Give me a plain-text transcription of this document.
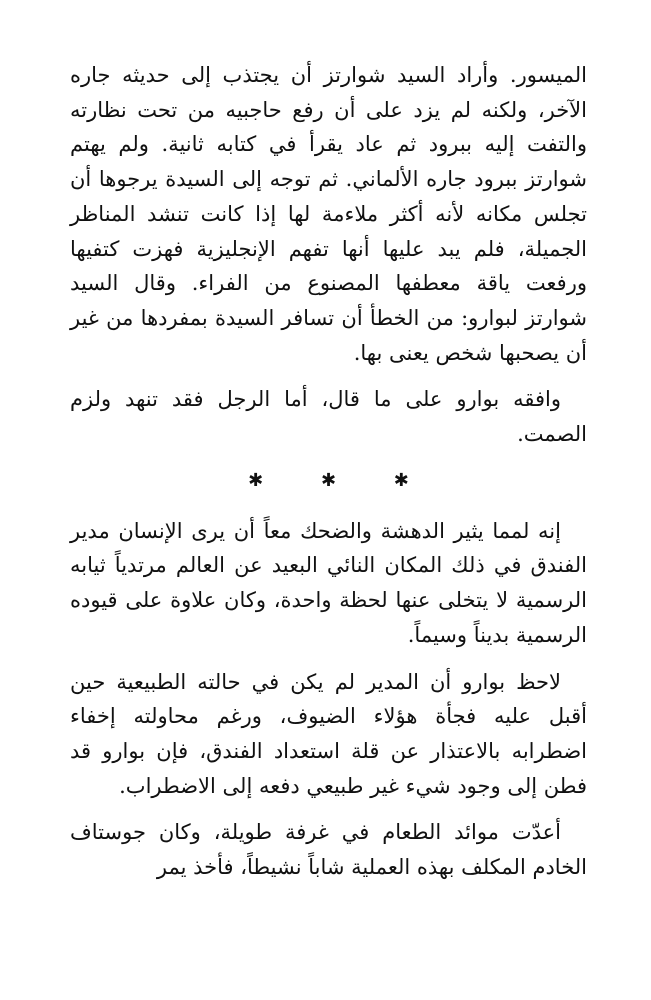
الميسور. وأراد السيد شوارتز أن يجتذب إلى حديثه جاره الآخر، ولكنه لم يزد على أن رفع حاجبيه من تحت نظارته والتفت إليه ببرود ثم عاد يقرأ في كتابه ثانية. ولم يهتم شوارتز ببرود جاره الألماني. ثم توجه إلى السيدة يرجوها أن تجلس مكانه لأنه أكثر ملاءمة لها إذا كانت تنشد المناظر الجميلة، فلم يبد عليها أنها تفهم الإنجليزية فهزت كتفيها ورفعت ياقة معطفها المصنوع من الفراء. وقال السيد شوارتز لبوارو: من الخطأ أن تسافر السيدة بمفردها من غير أن يصحبها شخص يعنى بها.

وافقه بوارو على ما قال، أما الرجل فقد تنهد ولزم الصمت.

✱ ✱ ✱

إنه لمما يثير الدهشة والضحك معاً أن يرى الإنسان مدير الفندق في ذلك المكان النائي البعيد عن العالم مرتدياً ثيابه الرسمية لا يتخلى عنها لحظة واحدة، وكان علاوة على قيوده الرسمية بديناً وسيماً.

لاحظ بوارو أن المدير لم يكن في حالته الطبيعية حين أقبل عليه فجأة هؤلاء الضيوف، ورغم محاولته إخفاء اضطرابه بالاعتذار عن قلة استعداد الفندق، فإن بوارو قد فطن إلى وجود شيء غير طبيعي دفعه إلى الاضطراب.

أعدّت موائد الطعام في غرفة طويلة، وكان جوستاف الخادم المكلف بهذه العملية شاباً نشيطاً، فأخذ يمر
